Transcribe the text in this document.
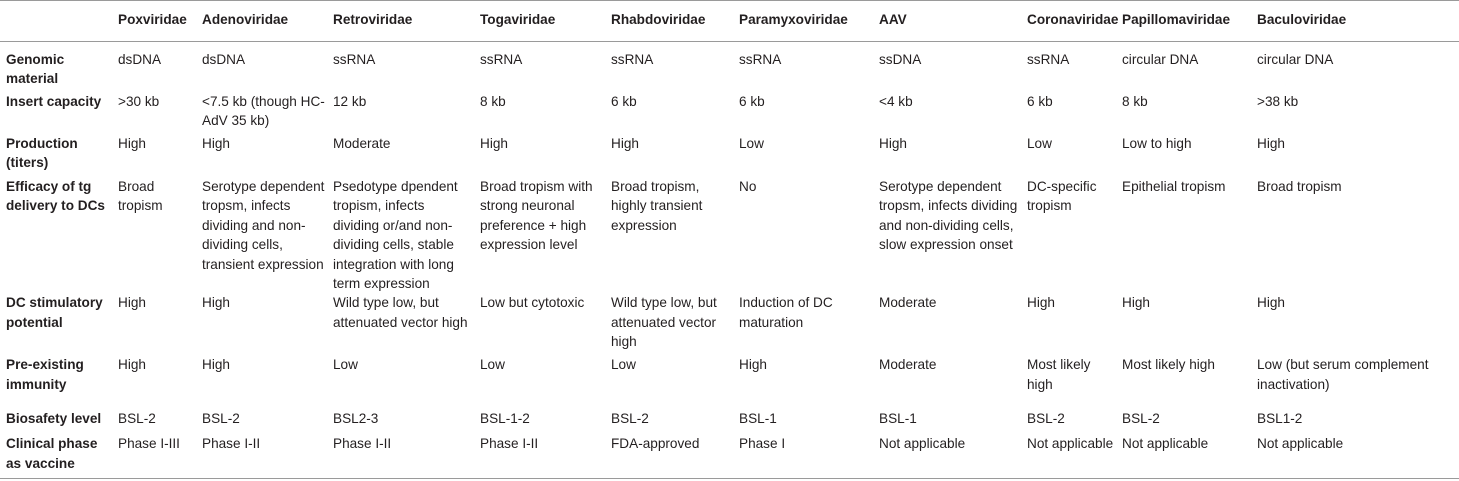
	Poxviridae	Adenoviridae	Retroviridae	Togaviridae	Rhabdoviridae	Paramyxoviridae	AAV	Coronaviridae	Papillomaviridae	Baculoviridae
Genomic material	dsDNA	dsDNA	ssRNA	ssRNA	ssRNA	ssRNA	ssDNA	ssRNA	circular DNA	circular DNA
Insert capacity	>30 kb	<7.5 kb (though HC-AdV 35 kb)	12 kb	8 kb	6 kb	6 kb	<4 kb	6 kb	8 kb	>38 kb
Production (titers)	High	High	Moderate	High	High	Low	High	Low	Low to high	High
Efficacy of tg delivery to DCs	Broad tropism	Serotype dependent tropsm, infects dividing and non-dividing cells, transient expression	Psedotype dpendent tropism, infects dividing or/and non-dividing cells, stable integration with long term expression	Broad tropism with strong neuronal preference + high expression level	Broad tropism, highly transient expression	No	Serotype dependent tropsm, infects dividing and non-dividing cells, slow expression onset	DC-specific tropism	Epithelial tropism	Broad tropism
DC stimulatory potential	High	High	Wild type low, but attenuated vector high	Low but cytotoxic	Wild type low, but attenuated vector high	Induction of DC maturation	Moderate	High	High	High
Pre-existing immunity	High	High	Low	Low	Low	High	Moderate	Most likely high	Most likely high	Low (but serum complement inactivation)
Biosafety level	BSL-2	BSL-2	BSL2-3	BSL-1-2	BSL-2	BSL-1	BSL-1	BSL-2	BSL-2	BSL1-2
Clinical phase as vaccine	Phase I-III	Phase I-II	Phase I-II	Phase I-II	FDA-approved	Phase I	Not applicable	Not applicable	Not applicable	Not applicable
